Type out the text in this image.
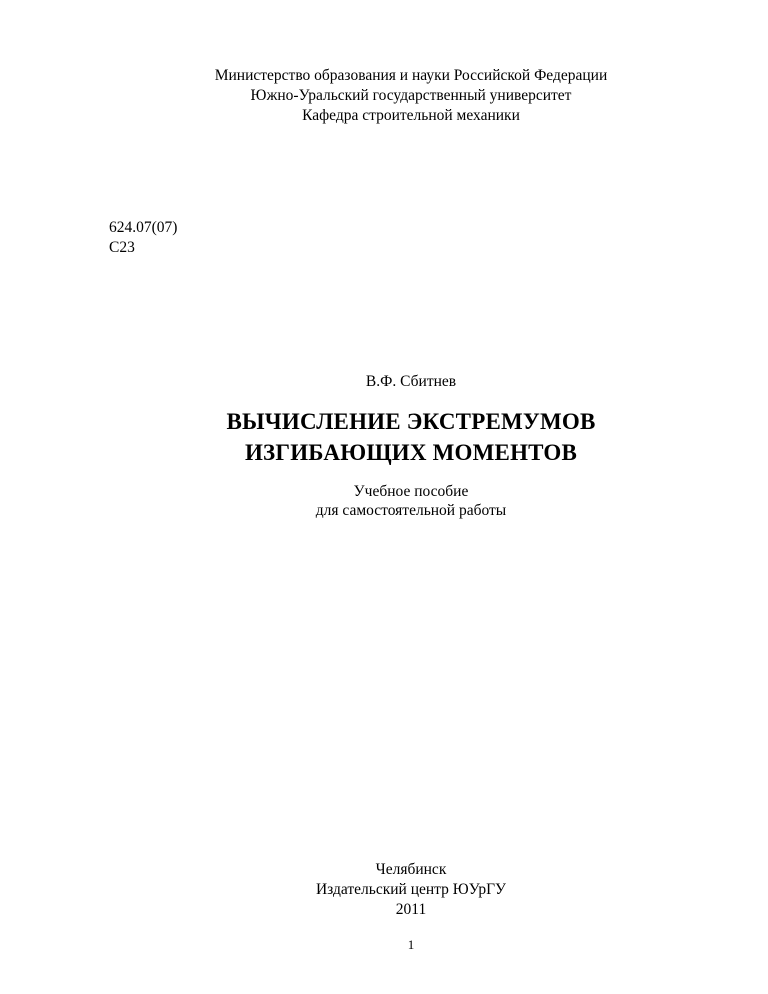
Министерство образования и науки Российской Федерации
Южно-Уральский государственный университет
Кафедра строительной механики
624.07(07)
С23
В.Ф. Сбитнев
ВЫЧИСЛЕНИЕ ЭКСТРЕМУМОВ
ИЗГИБАЮЩИХ МОМЕНТОВ
Учебное пособие
для самостоятельной работы
Челябинск
Издательский центр ЮУрГУ
2011
1
